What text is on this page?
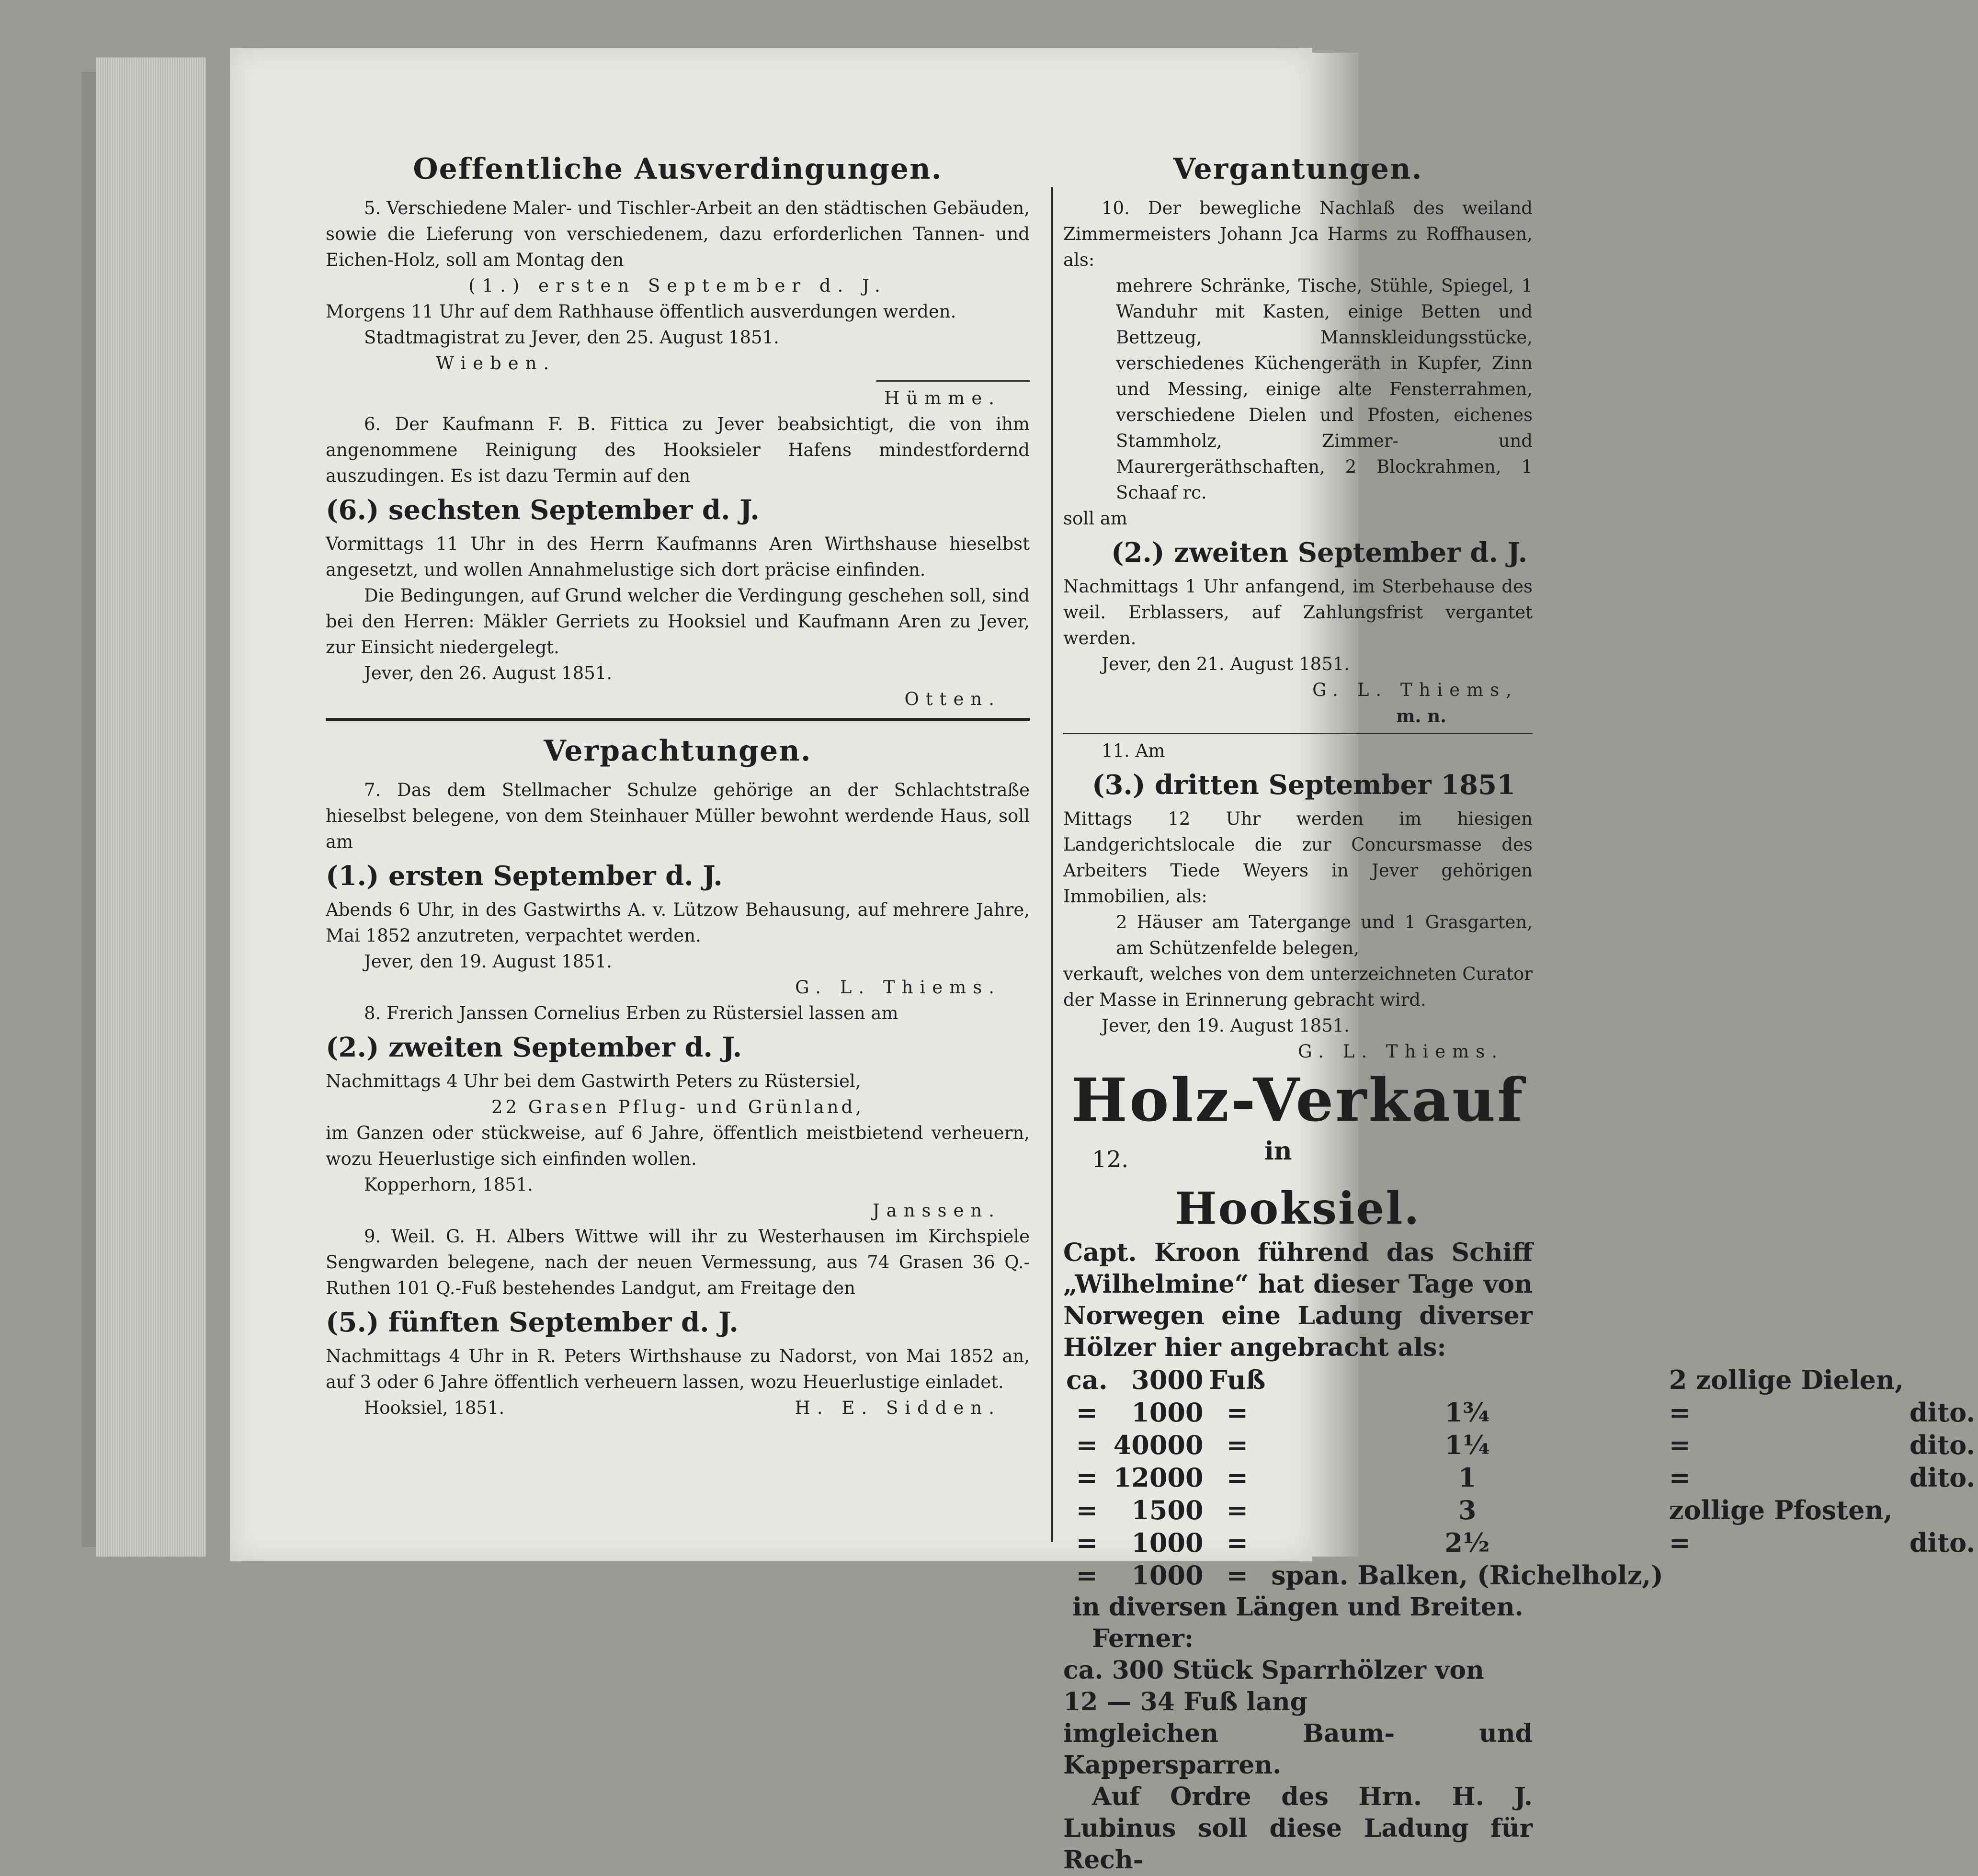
Oeffentliche Ausverdingungen.

5. Verschiedene Maler- und Tischler-Arbeit an den städtischen Gebäuden, sowie die Lieferung von verschiedenem, dazu erforderlichen Tannen- und Eichen-Holz, soll am Montag den

(1.) ersten September d. J.

Morgens 11 Uhr auf dem Rathhause öffentlich ausverdungen werden.

Stadtmagistrat zu Jever, den 25. August 1851.

Wieben.

Hümme.

6. Der Kaufmann F. B. Fittica zu Jever beabsichtigt, die von ihm angenommene Reinigung des Hooksieler Hafens mindestfordernd auszudingen. Es ist dazu Termin auf den

(6.) sechsten September d. J.

Vormittags 11 Uhr in des Herrn Kaufmanns Aren Wirthshause hieselbst angesetzt, und wollen Annahmelustige sich dort präcise einfinden.

Die Bedingungen, auf Grund welcher die Verdingung geschehen soll, sind bei den Herren: Mäkler Gerriets zu Hooksiel und Kaufmann Aren zu Jever, zur Einsicht niedergelegt.

Jever, den 26. August 1851.

Otten.

Verpachtungen.

7. Das dem Stellmacher Schulze gehörige an der Schlachtstraße hieselbst belegene, von dem Steinhauer Müller bewohnt werdende Haus, soll am

(1.) ersten September d. J.

Abends 6 Uhr, in des Gastwirths A. v. Lützow Behausung, auf mehrere Jahre, Mai 1852 anzutreten, verpachtet werden.

Jever, den 19. August 1851.

G. L. Thiems.

8. Frerich Janssen Cornelius Erben zu Rüstersiel lassen am

(2.) zweiten September d. J.

Nachmittags 4 Uhr bei dem Gastwirth Peters zu Rüstersiel,

22 Grasen Pflug- und Grünland,

im Ganzen oder stückweise, auf 6 Jahre, öffentlich meistbietend verheuern, wozu Heuerlustige sich einfinden wollen.

Kopperhorn, 1851.

Janssen.

9. Weil. G. H. Albers Wittwe will ihr zu Westerhausen im Kirchspiele Sengwarden belegene, nach der neuen Vermessung, aus 74 Grasen 36 Q.-Ruthen 101 Q.-Fuß bestehendes Landgut, am Freitage den

(5.) fünften September d. J.

Nachmittags 4 Uhr in R. Peters Wirthshause zu Nadorst, von Mai 1852 an, auf 3 oder 6 Jahre öffentlich verheuern lassen, wozu Heuerlustige einladet.

Hooksiel, 1851.	H. E. Sidden.

Vergantungen.

10. Der bewegliche Nachlaß des weiland Zimmermeisters Johann Jca Harms zu Roffhausen, als:

mehrere Schränke, Tische, Stühle, Spiegel, 1 Wanduhr mit Kasten, einige Betten und Bettzeug, Mannskleidungsstücke, verschiedenes Küchengeräth in Kupfer, Zinn und Messing, einige alte Fensterrahmen, verschiedene Dielen und Pfosten, eichenes Stammholz, Zimmer- und Maurergeräthschaften, 2 Blockrahmen, 1 Schaaf rc.

soll am

(2.) zweiten September d. J.

Nachmittags 1 Uhr anfangend, im Sterbehause des weil. Erblassers, auf Zahlungsfrist vergantet werden.

Jever, den 21. August 1851.

G. L. Thiems,

m. n.

11. Am

(3.) dritten September 1851

Mittags 12 Uhr werden im hiesigen Landgerichtslocale die zur Concursmasse des Arbeiters Tiede Weyers in Jever gehörigen Immobilien, als:

2 Häuser am Tatergange und 1 Grasgarten, am Schützenfelde belegen,

verkauft, welches von dem unterzeichneten Curator der Masse in Erinnerung gebracht wird.

Jever, den 19. August 1851.

G. L. Thiems.

Holz-Verkauf
12.	in
Hooksiel.

Capt. Kroon führend das Schiff „Wilhelmine“ hat dieser Tage von Norwegen eine Ladung diverser Hölzer hier angebracht als:

ca.	3000	Fuß		2 zollige Dielen,	
=	1000	=	1¾	=	dito.
=	40000	=	1¼	=	dito.
=	12000	=	1	=	dito.
=	1500	=	3	zollige Pfosten,	
=	1000	=	2½	=	dito.
=	1000	=	span. Balken, (Richelholz,)		

in diversen Längen und Breiten.

Ferner:

ca. 300 Stück Sparrhölzer von

12 — 34 Fuß lang

imgleichen Baum- und Kappersparren.

Auf Ordre des Hrn. H. J. Lubinus soll diese Ladung für Rech-
